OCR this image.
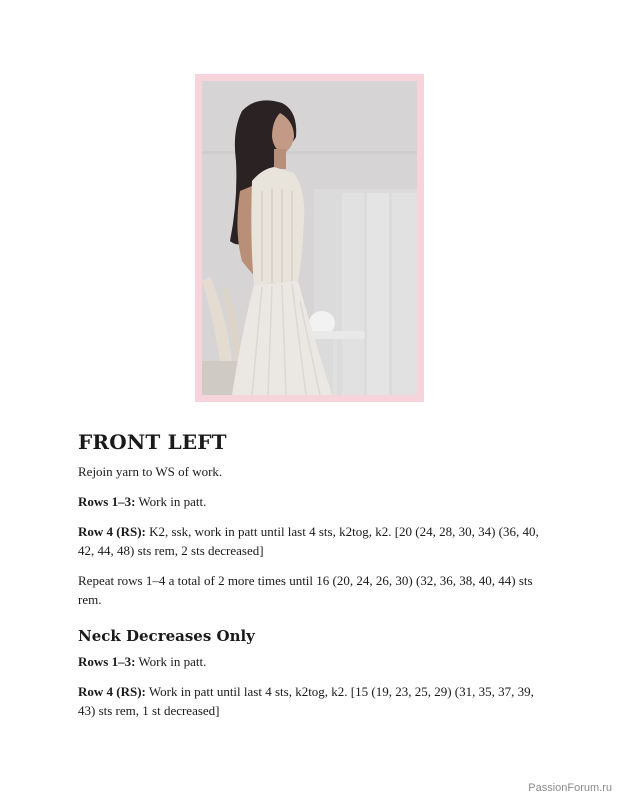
FRONT LEFT

Rejoin yarn to WS of work.

Rows 1–3: Work in patt.

Row 4 (RS): K2, ssk, work in patt until last 4 sts, k2tog, k2. [20 (24, 28, 30, 34) (36, 40, 42, 44, 48) sts rem, 2 sts decreased]

Repeat rows 1–4 a total of 2 more times until 16 (20, 24, 26, 30) (32, 36, 38, 40, 44) sts rem.

Neck Decreases Only

Rows 1–3: Work in patt.

Row 4 (RS): Work in patt until last 4 sts, k2tog, k2. [15 (19, 23, 25, 29) (31, 35, 37, 39, 43) sts rem, 1 st decreased]

PassionForum.ru
